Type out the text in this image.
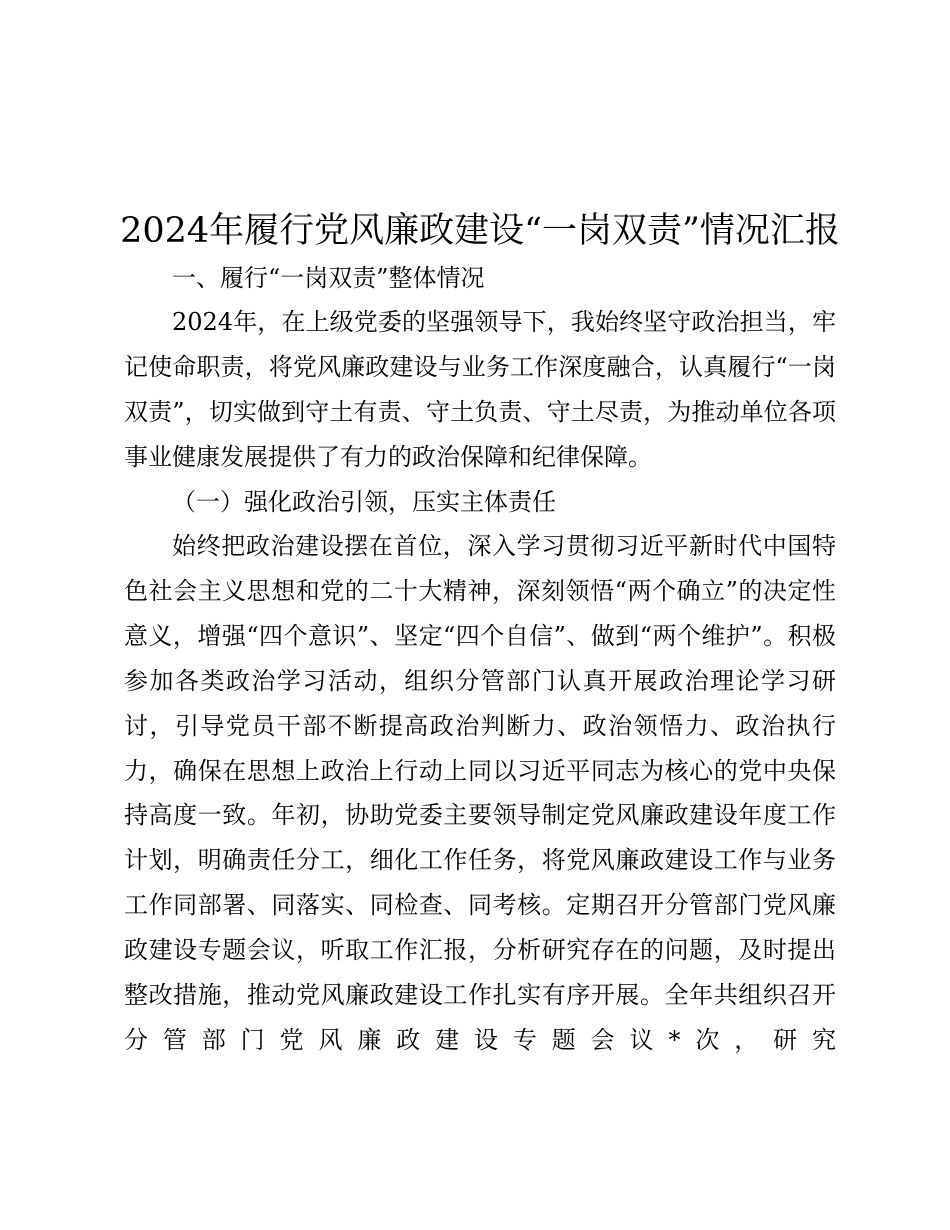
2024年履行党风廉政建设“一岗双责”情况汇报
一、履行“一岗双责”整体情况
2024年，在上级党委的坚强领导下，我始终坚守政治担当，牢记使命职责，将党风廉政建设与业务工作深度融合，认真履行“一岗双责”，切实做到守土有责、守土负责、守土尽责，为推动单位各项事业健康发展提供了有力的政治保障和纪律保障。
（一）强化政治引领，压实主体责任
始终把政治建设摆在首位，深入学习贯彻习近平新时代中国特色社会主义思想和党的二十大精神，深刻领悟“两个确立”的决定性意义，增强“四个意识”、坚定“四个自信”、做到“两个维护”。积极参加各类政治学习活动，组织分管部门认真开展政治理论学习研讨，引导党员干部不断提高政治判断力、政治领悟力、政治执行力，确保在思想上政治上行动上同以习近平同志为核心的党中央保持高度一致。年初，协助党委主要领导制定党风廉政建设年度工作计划，明确责任分工，细化工作任务，将党风廉政建设工作与业务工作同部署、同落实、同检查、同考核。定期召开分管部门党风廉政建设专题会议，听取工作汇报，分析研究存在的问题，及时提出整改措施，推动党风廉政建设工作扎实有序开展。全年共组织召开分管部门党风廉政建设专题会议*次，研究
